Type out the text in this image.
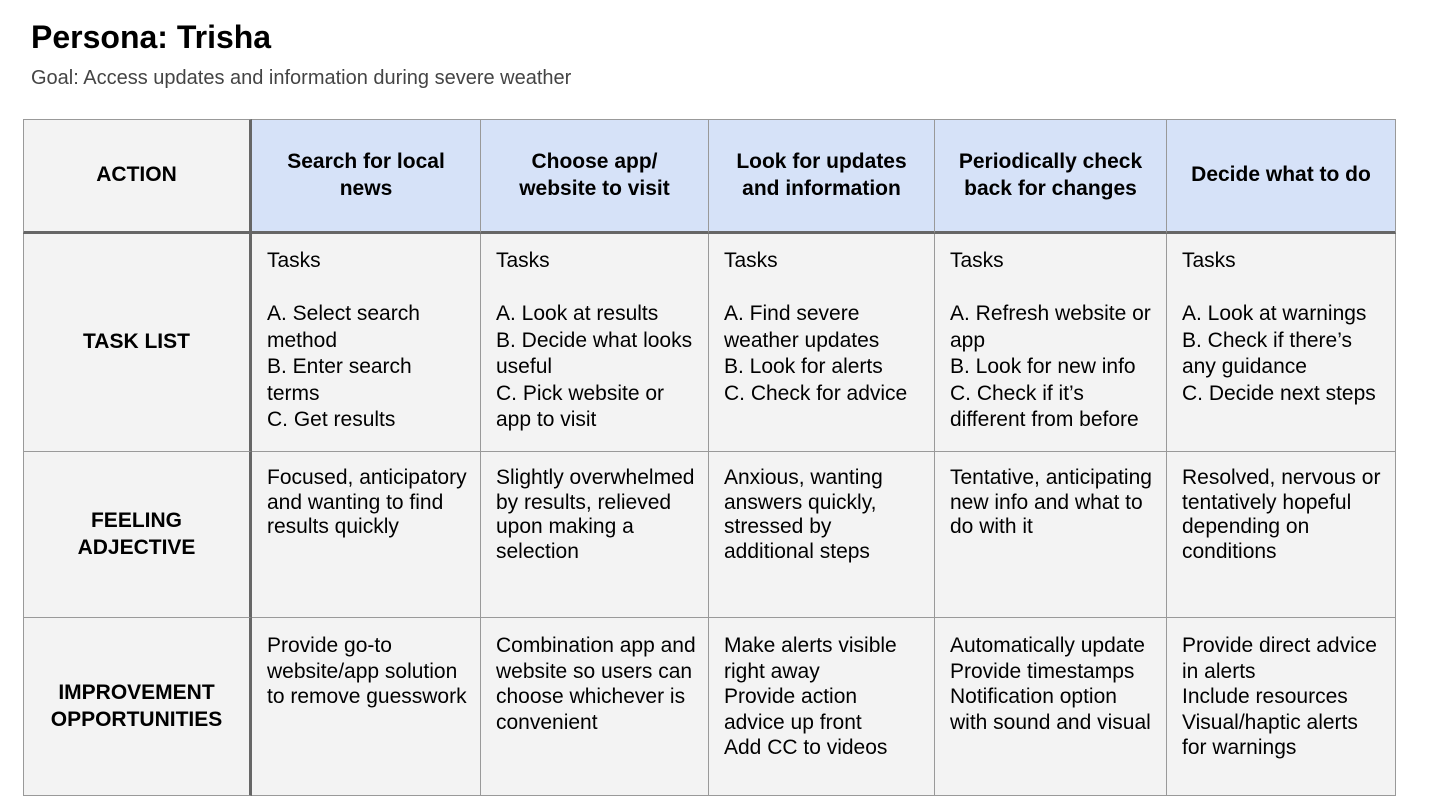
Persona: Trisha
Goal: Access updates and information during severe weather
ACTION
Search for local news
Choose app/ website to visit
Look for updates and information
Periodically check back for changes
Decide what to do
TASK LIST
Tasks

A. Select search method
B. Enter search terms
C. Get results
Tasks

A. Look at results
B. Decide what looks useful
C. Pick website or app to visit
Tasks

A. Find severe weather updates
B. Look for alerts
C. Check for advice
Tasks

A. Refresh website or app
B. Look for new info
C. Check if it’s different from before
Tasks

A. Look at warnings
B. Check if there’s any guidance
C. Decide next steps
FEELING
ADJECTIVE
Focused, anticipatory and wanting to find results quickly
Slightly overwhelmed by results, relieved upon making a selection
Anxious, wanting answers quickly, stressed by additional steps
Tentative, anticipating new info and what to do with it
Resolved, nervous or tentatively hopeful depending on conditions
IMPROVEMENT
OPPORTUNITIES
Provide go-to website/app solution to remove guesswork
Combination app and website so users can choose whichever is convenient
Make alerts visible right away
Provide action advice up front
Add CC to videos
Automatically update
Provide timestamps
Notification option with sound and visual
Provide direct advice in alerts
Include resources
Visual/haptic alerts for warnings
